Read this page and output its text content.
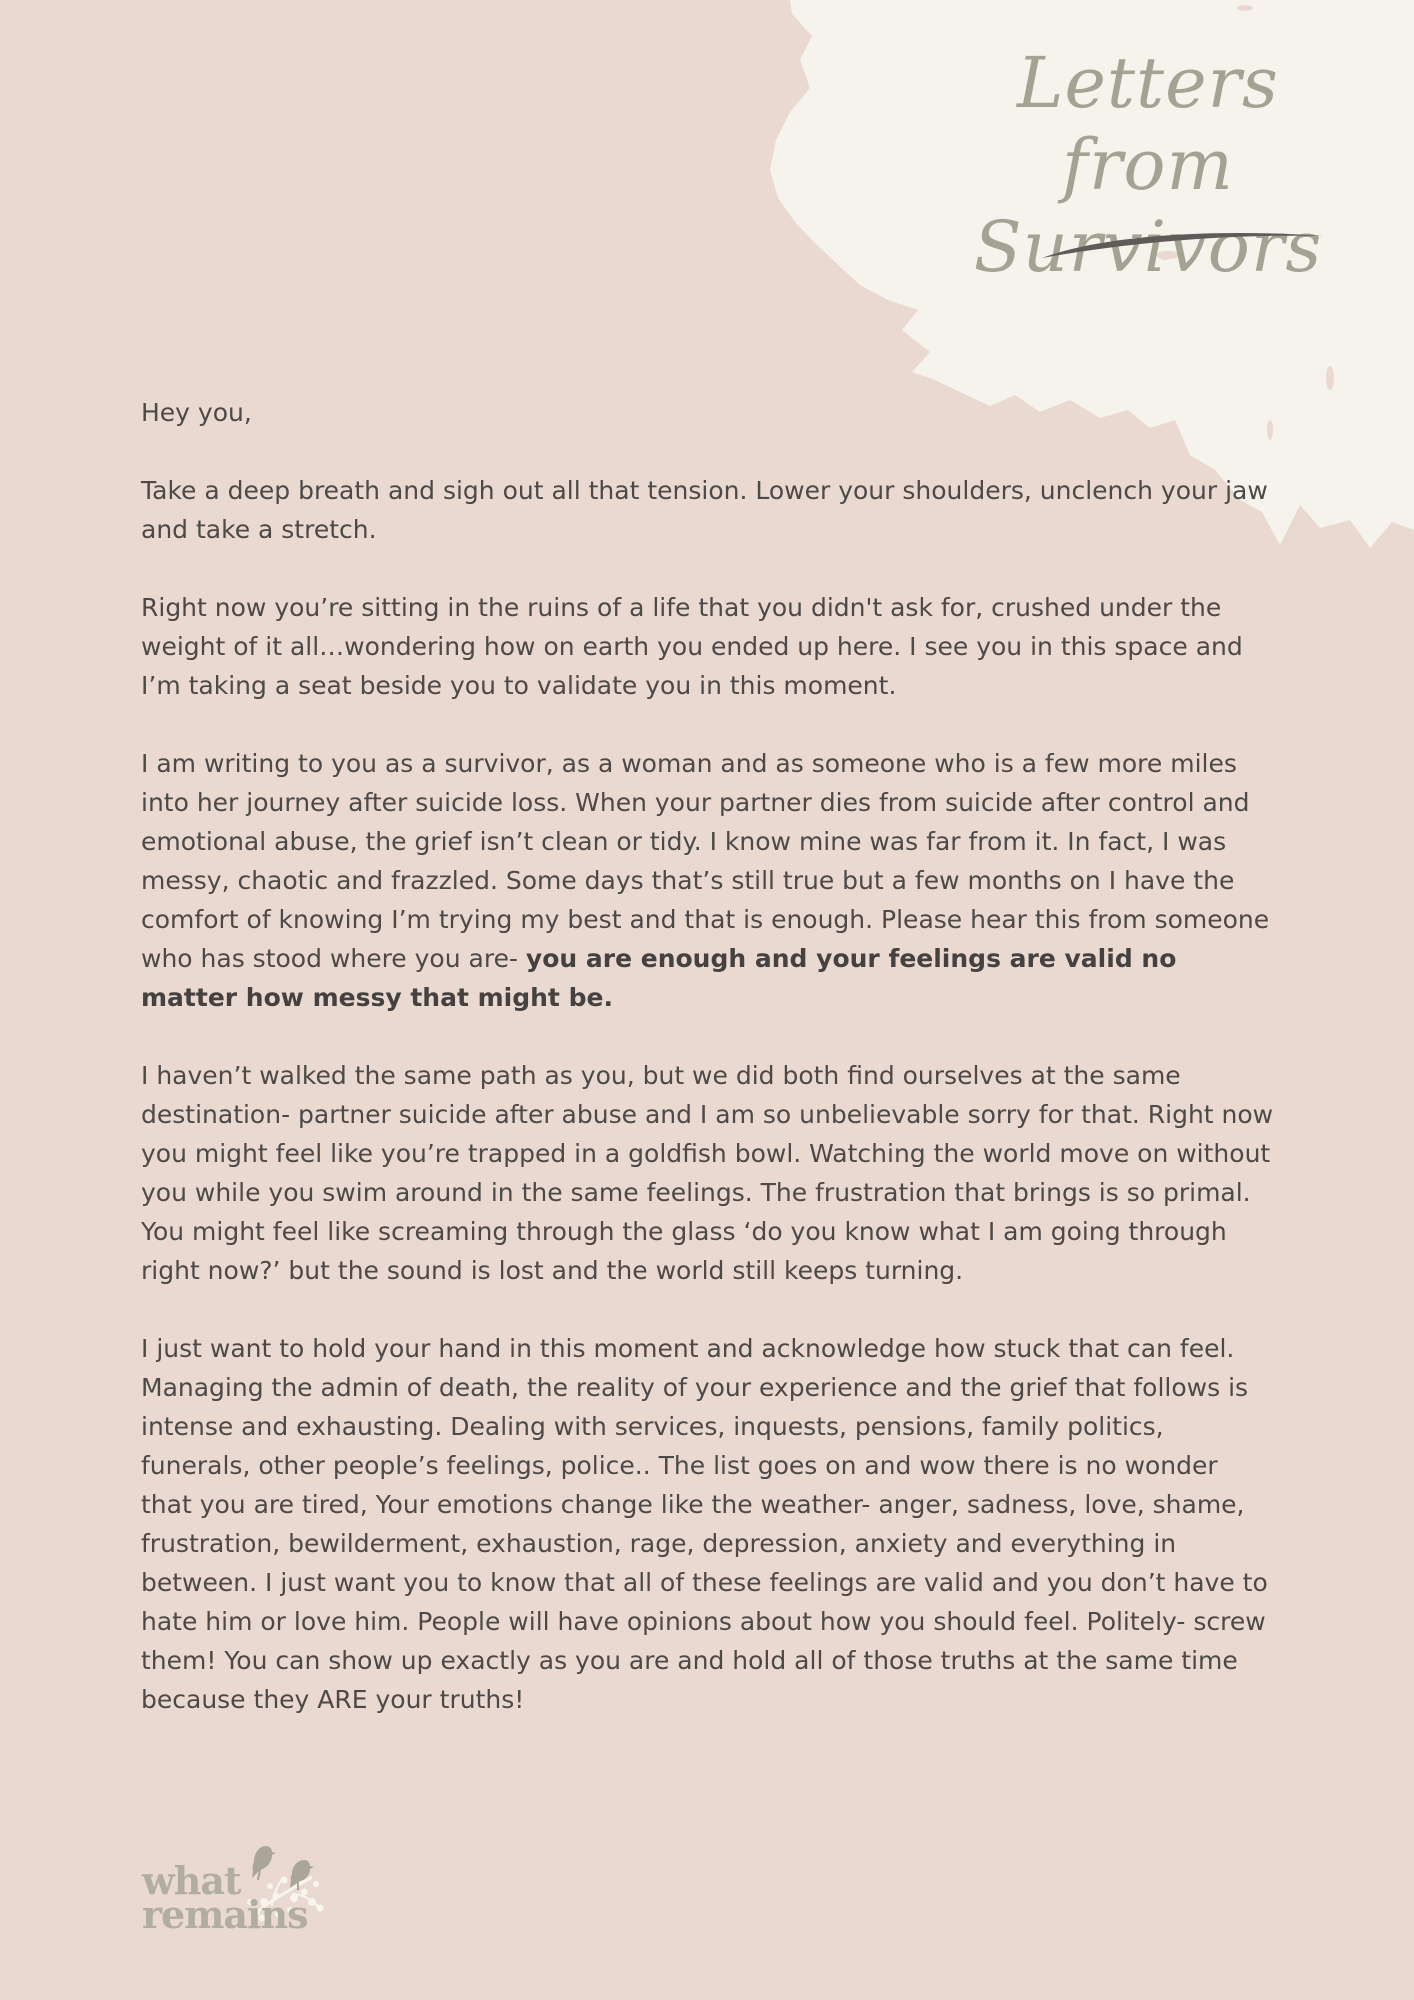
Letters from
Survivors

Hey you,

Take a deep breath and sigh out all that tension. Lower your shoulders, unclench your jaw and take a stretch.

Right now you’re sitting in the ruins of a life that you didn't ask for, crushed under the weight of it all…wondering how on earth you ended up here. I see you in this space and I’m taking a seat beside you to validate you in this moment.

I am writing to you as a survivor, as a woman and as someone who is a few more miles into her journey after suicide loss. When your partner dies from suicide after control and emotional abuse, the grief isn’t clean or tidy. I know mine was far from it. In fact, I was messy, chaotic and frazzled. Some days that’s still true but a few months on I have the comfort of knowing I’m trying my best and that is enough. Please hear this from someone who has stood where you are- you are enough and your feelings are valid no matter how messy that might be.

I haven’t walked the same path as you, but we did both find ourselves at the same destination- partner suicide after abuse and I am so unbelievable sorry for that. Right now you might feel like you’re trapped in a goldfish bowl. Watching the world move on without you while you swim around in the same feelings. The frustration that brings is so primal. You might feel like screaming through the glass ‘do you know what I am going through right now?’ but the sound is lost and the world still keeps turning.

I just want to hold your hand in this moment and acknowledge how stuck that can feel. Managing the admin of death, the reality of your experience and the grief that follows is intense and exhausting. Dealing with services, inquests, pensions, family politics, funerals, other people’s feelings, police.. The list goes on and wow there is no wonder that you are tired, Your emotions change like the weather- anger, sadness, love, shame, frustration, bewilderment, exhaustion, rage, depression, anxiety and everything in between. I just want you to know that all of these feelings are valid and you don’t have to hate him or love him. People will have opinions about how you should feel. Politely- screw them! You can show up exactly as you are and hold all of those truths at the same time because they ARE your truths!

what
remains
